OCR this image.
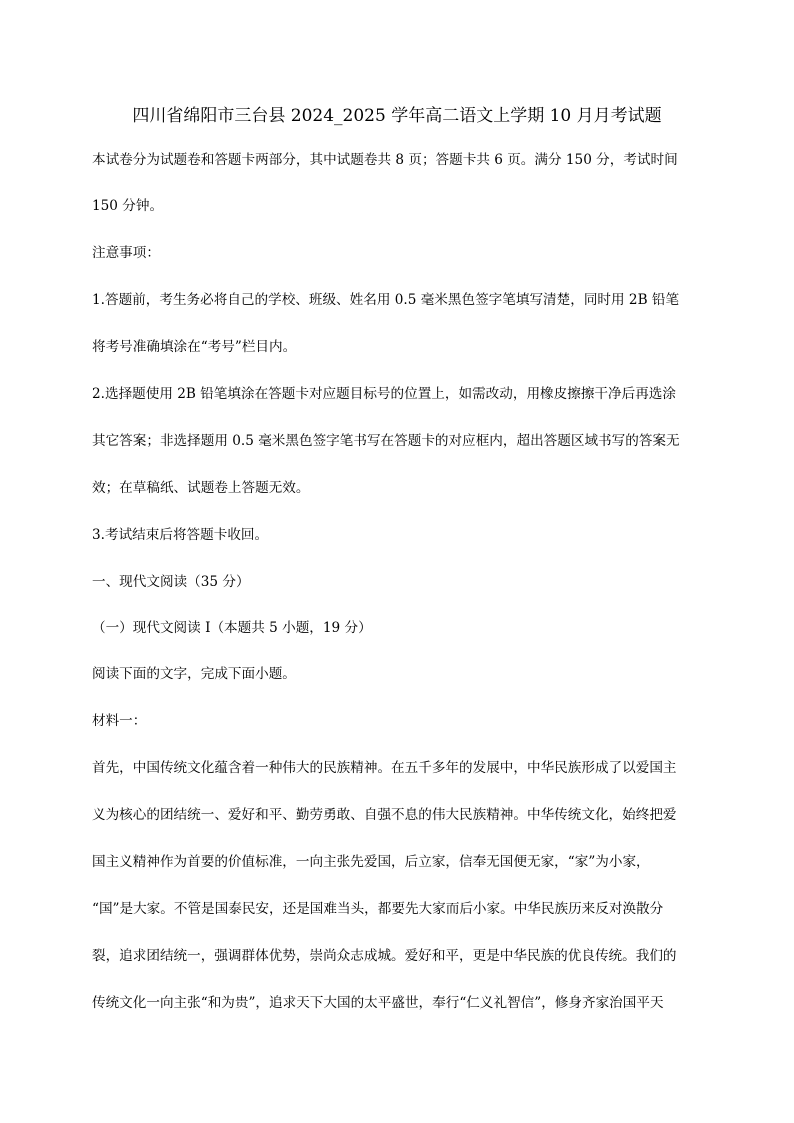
四川省绵阳市三台县 2024_2025 学年高二语文上学期 10 月月考试题
本试卷分为试题卷和答题卡两部分，其中试题卷共 8 页；答题卡共 6 页。满分 150 分，考试时间
150 分钟。
注意事项：
1.答题前，考生务必将自己的学校、班级、姓名用 0.5 毫米黑色签字笔填写清楚，同时用 2B 铅笔
将考号准确填涂在“考号”栏目内。
2.选择题使用 2B 铅笔填涂在答题卡对应题目标号的位置上，如需改动，用橡皮擦擦干净后再选涂
其它答案；非选择题用 0.5 毫米黑色签字笔书写在答题卡的对应框内，超出答题区域书写的答案无
效；在草稿纸、试题卷上答题无效。
3.考试结束后将答题卡收回。
一、现代文阅读（35 分）
（一）现代文阅读 I（本题共 5 小题，19 分）
阅读下面的文字，完成下面小题。
材料一：
首先，中国传统文化蕴含着一种伟大的民族精神。在五千多年的发展中，中华民族形成了以爱国主
义为核心的团结统一、爱好和平、勤劳勇敢、自强不息的伟大民族精神。中华传统文化，始终把爱
国主义精神作为首要的价值标准，一向主张先爱国，后立家，信奉无国便无家，“家”为小家，
“国”是大家。不管是国泰民安，还是国难当头，都要先大家而后小家。中华民族历来反对涣散分
裂，追求团结统一，强调群体优势，崇尚众志成城。爱好和平，更是中华民族的优良传统。我们的
传统文化一向主张“和为贵”，追求天下大国的太平盛世，奉行“仁义礼智信”，修身齐家治国平天
